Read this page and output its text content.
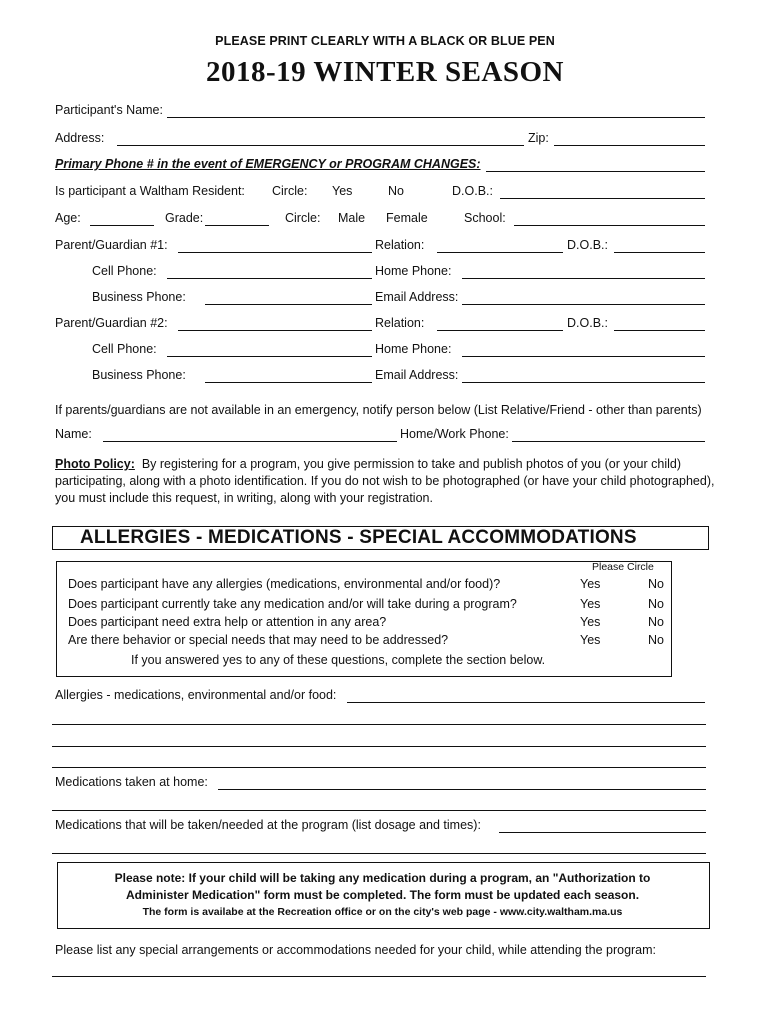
PLEASE PRINT CLEARLY WITH A BLACK OR BLUE PEN
2018-19 WINTER SEASON
Participant's Name:
Address:	Zip:
Primary Phone # in the event of EMERGENCY or PROGRAM CHANGES:
Is participant a Waltham Resident: Circle: Yes	No	D.O.B.:
Age:	Grade:	Circle: Male Female	School:
Parent/Guardian #1:	Relation:	D.O.B.:
Cell Phone:	Home Phone:
Business Phone:	Email Address:
Parent/Guardian #2:	Relation:	D.O.B.:
Cell Phone:	Home Phone:
Business Phone:	Email Address:
If parents/guardians are not available in an emergency, notify person below (List Relative/Friend - other than parents)
Name:	Home/Work Phone:
Photo Policy: By registering for a program, you give permission to take and publish photos of you (or your child) participating, along with a photo identification. If you do not wish to be photographed (or have your child photographed), you must include this request, in writing, along with your registration.
ALLERGIES - MEDICATIONS - SPECIAL ACCOMMODATIONS
Please Circle
Does participant have any allergies (medications, environmental and/or food)?	Yes	No
Does participant currently take any medication and/or will take during a program?	Yes	No
Does participant need extra help or attention in any area?	Yes	No
Are there behavior or special needs that may need to be addressed?	Yes	No
If you answered yes to any of these questions, complete the section below.
Allergies - medications, environmental and/or food:
Medications taken at home:
Medications that will be taken/needed at the program (list dosage and times):
Please note: If your child will be taking any medication during a program, an "Authorization to
Administer Medication" form must be completed. The form must be updated each season.
The form is availabe at the Recreation office or on the city's web page - www.city.waltham.ma.us
Please list any special arrangements or accommodations needed for your child, while attending the program:
